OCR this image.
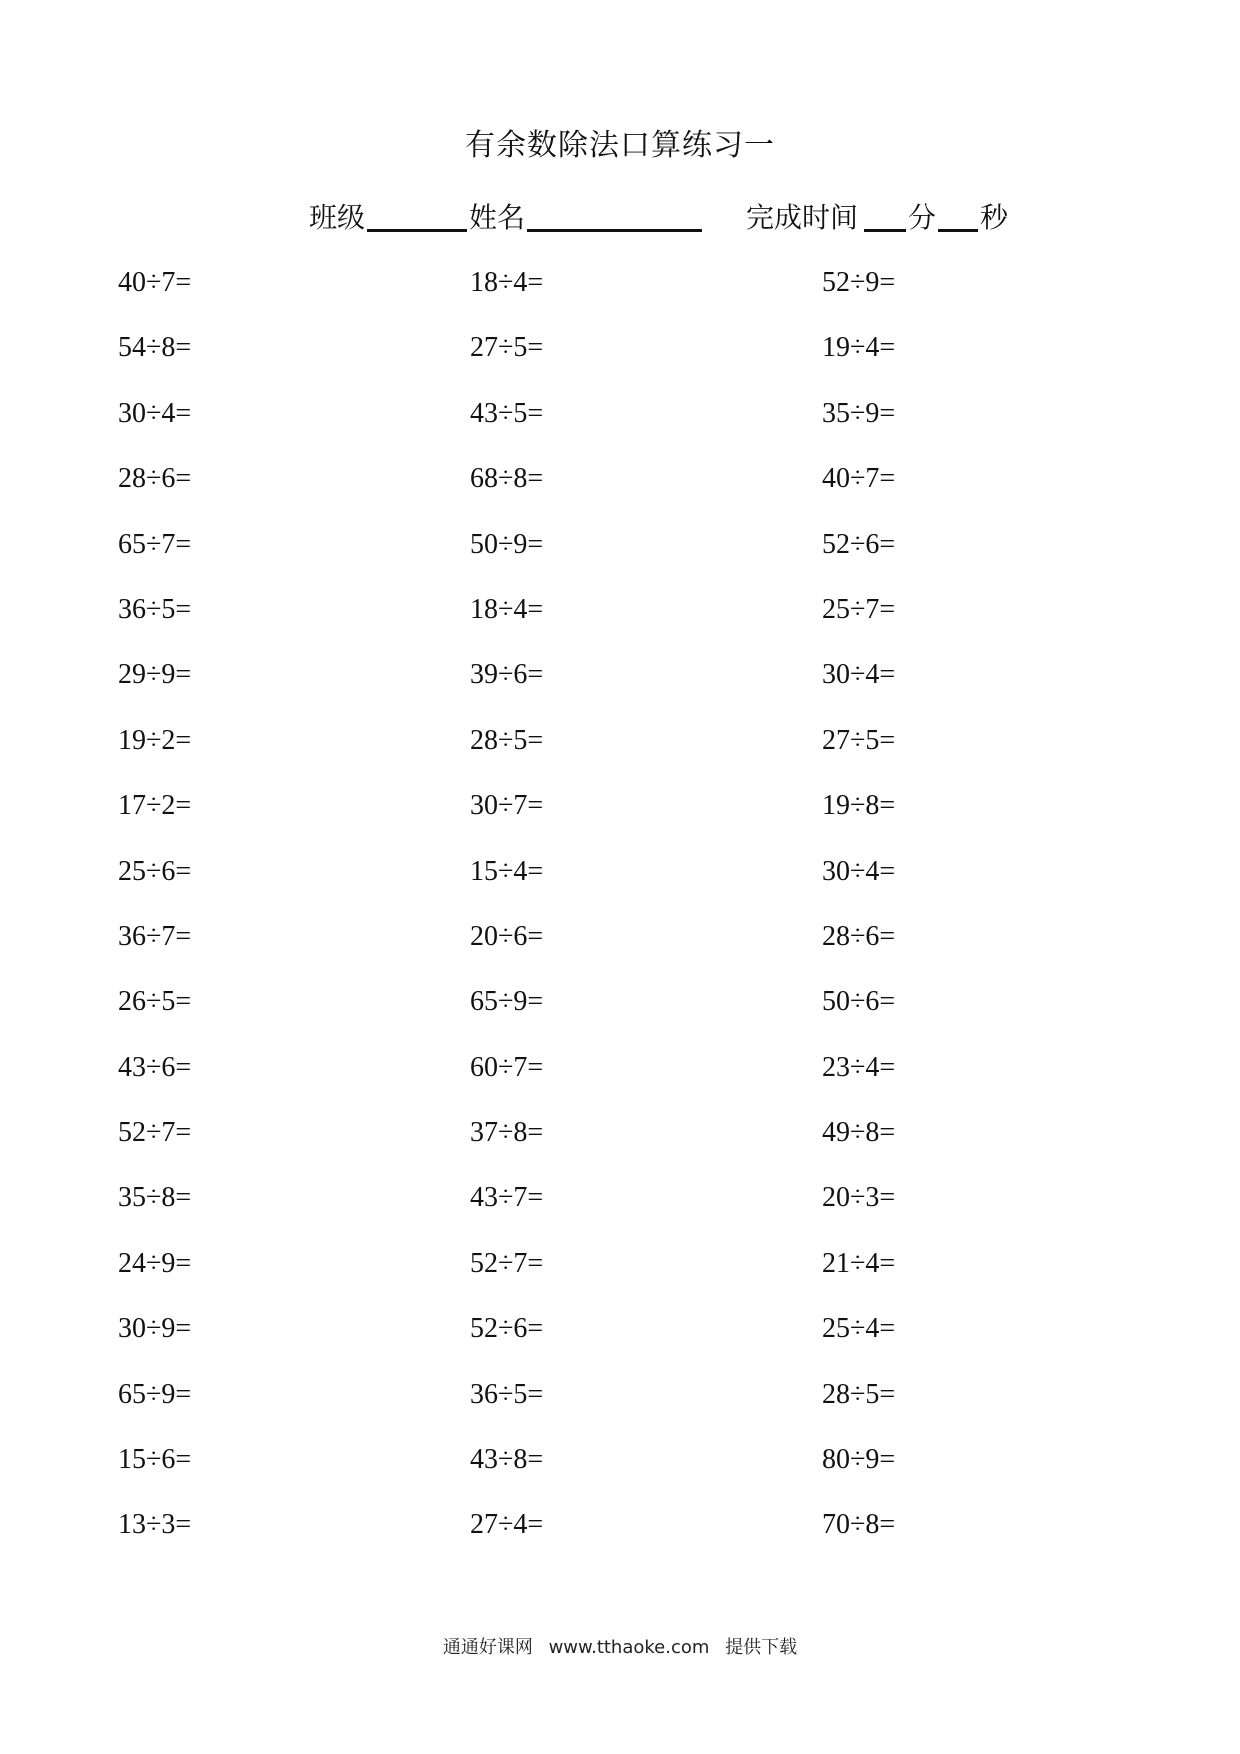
有余数除法口算练习一
班级	姓名	完成时间 分 秒
40÷7=	18÷4=	52÷9=
54÷8=	27÷5=	19÷4=
30÷4=	43÷5=	35÷9=
28÷6=	68÷8=	40÷7=
65÷7=	50÷9=	52÷6=
36÷5=	18÷4=	25÷7=
29÷9=	39÷6=	30÷4=
19÷2=	28÷5=	27÷5=
17÷2=	30÷7=	19÷8=
25÷6=	15÷4=	30÷4=
36÷7=	20÷6=	28÷6=
26÷5=	65÷9=	50÷6=
43÷6=	60÷7=	23÷4=
52÷7=	37÷8=	49÷8=
35÷8=	43÷7=	20÷3=
24÷9=	52÷7=	21÷4=
30÷9=	52÷6=	25÷4=
65÷9=	36÷5=	28÷5=
15÷6=	43÷8=	80÷9=
13÷3=	27÷4=	70÷8=
通通好课网 www.tthaoke.com 提供下载
